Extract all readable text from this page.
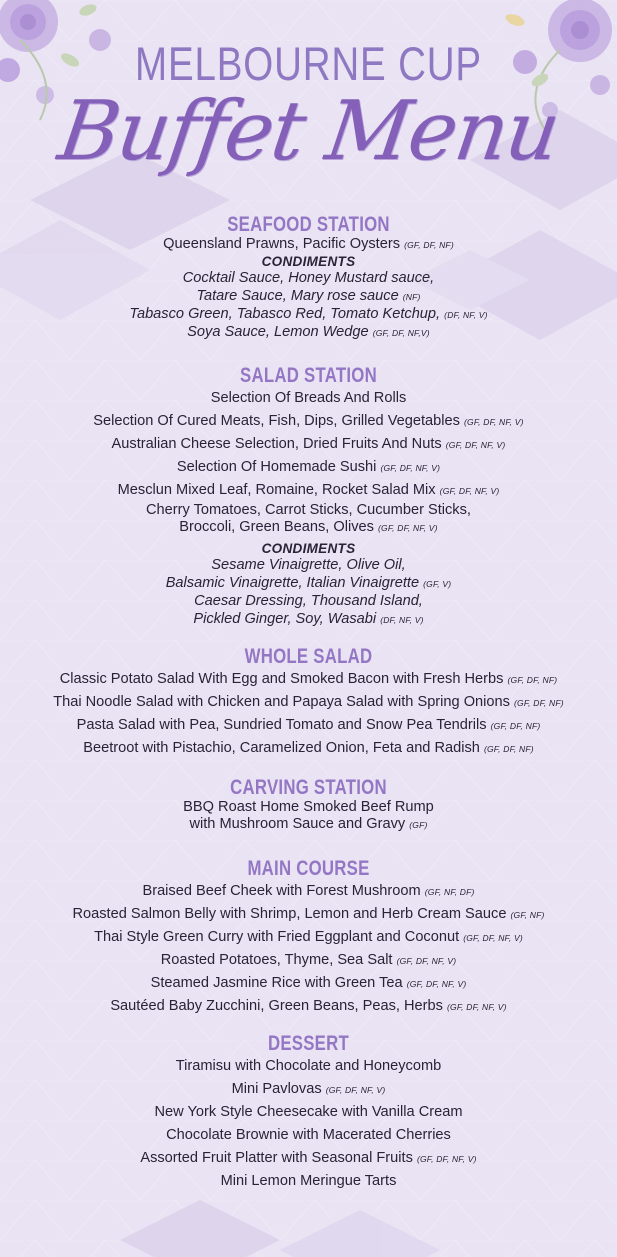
MELBOURNE CUP
Buffet Menu
SEAFOOD STATION
Queensland Prawns, Pacific Oysters (GF, DF, NF)
CONDIMENTS
Cocktail Sauce, Honey Mustard sauce,
Tatare Sauce, Mary rose sauce (NF)
Tabasco Green, Tabasco Red, Tomato Ketchup, (DF, NF, V)
Soya Sauce, Lemon Wedge (GF, DF, NF,V)
SALAD STATION
Selection Of Breads And Rolls
Selection Of Cured Meats, Fish, Dips, Grilled Vegetables (GF, DF, NF, V)
Australian Cheese Selection, Dried Fruits And Nuts (GF, DF, NF, V)
Selection Of Homemade Sushi (GF, DF, NF, V)
Mesclun Mixed Leaf, Romaine, Rocket Salad Mix (GF, DF, NF, V)
Cherry Tomatoes, Carrot Sticks, Cucumber Sticks,
Broccoli, Green Beans, Olives (GF, DF, NF, V)
CONDIMENTS
Sesame Vinaigrette, Olive Oil,
Balsamic Vinaigrette, Italian Vinaigrette (GF, V)
Caesar Dressing, Thousand Island,
Pickled Ginger, Soy, Wasabi (DF, NF, V)
WHOLE SALAD
Classic Potato Salad With Egg and Smoked Bacon with Fresh Herbs (GF, DF, NF)
Thai Noodle Salad with Chicken and Papaya Salad with Spring Onions (GF, DF, NF)
Pasta Salad with Pea, Sundried Tomato and Snow Pea Tendrils (GF, DF, NF)
Beetroot with Pistachio, Caramelized Onion, Feta and Radish (GF, DF, NF)
CARVING STATION
BBQ Roast Home Smoked Beef Rump
with Mushroom Sauce and Gravy (GF)
MAIN COURSE
Braised Beef Cheek with Forest Mushroom (GF, NF, DF)
Roasted Salmon Belly with Shrimp, Lemon and Herb Cream Sauce (GF, NF)
Thai Style Green Curry with Fried Eggplant and Coconut (GF, DF, NF, V)
Roasted Potatoes, Thyme, Sea Salt (GF, DF, NF, V)
Steamed Jasmine Rice with Green Tea (GF, DF, NF, V)
Sautéed Baby Zucchini, Green Beans, Peas, Herbs (GF, DF, NF, V)
DESSERT
Tiramisu with Chocolate and Honeycomb
Mini Pavlovas (GF, DF, NF, V)
New York Style Cheesecake with Vanilla Cream
Chocolate Brownie with Macerated Cherries
Assorted Fruit Platter with Seasonal Fruits (GF, DF, NF, V)
Mini Lemon Meringue Tarts
